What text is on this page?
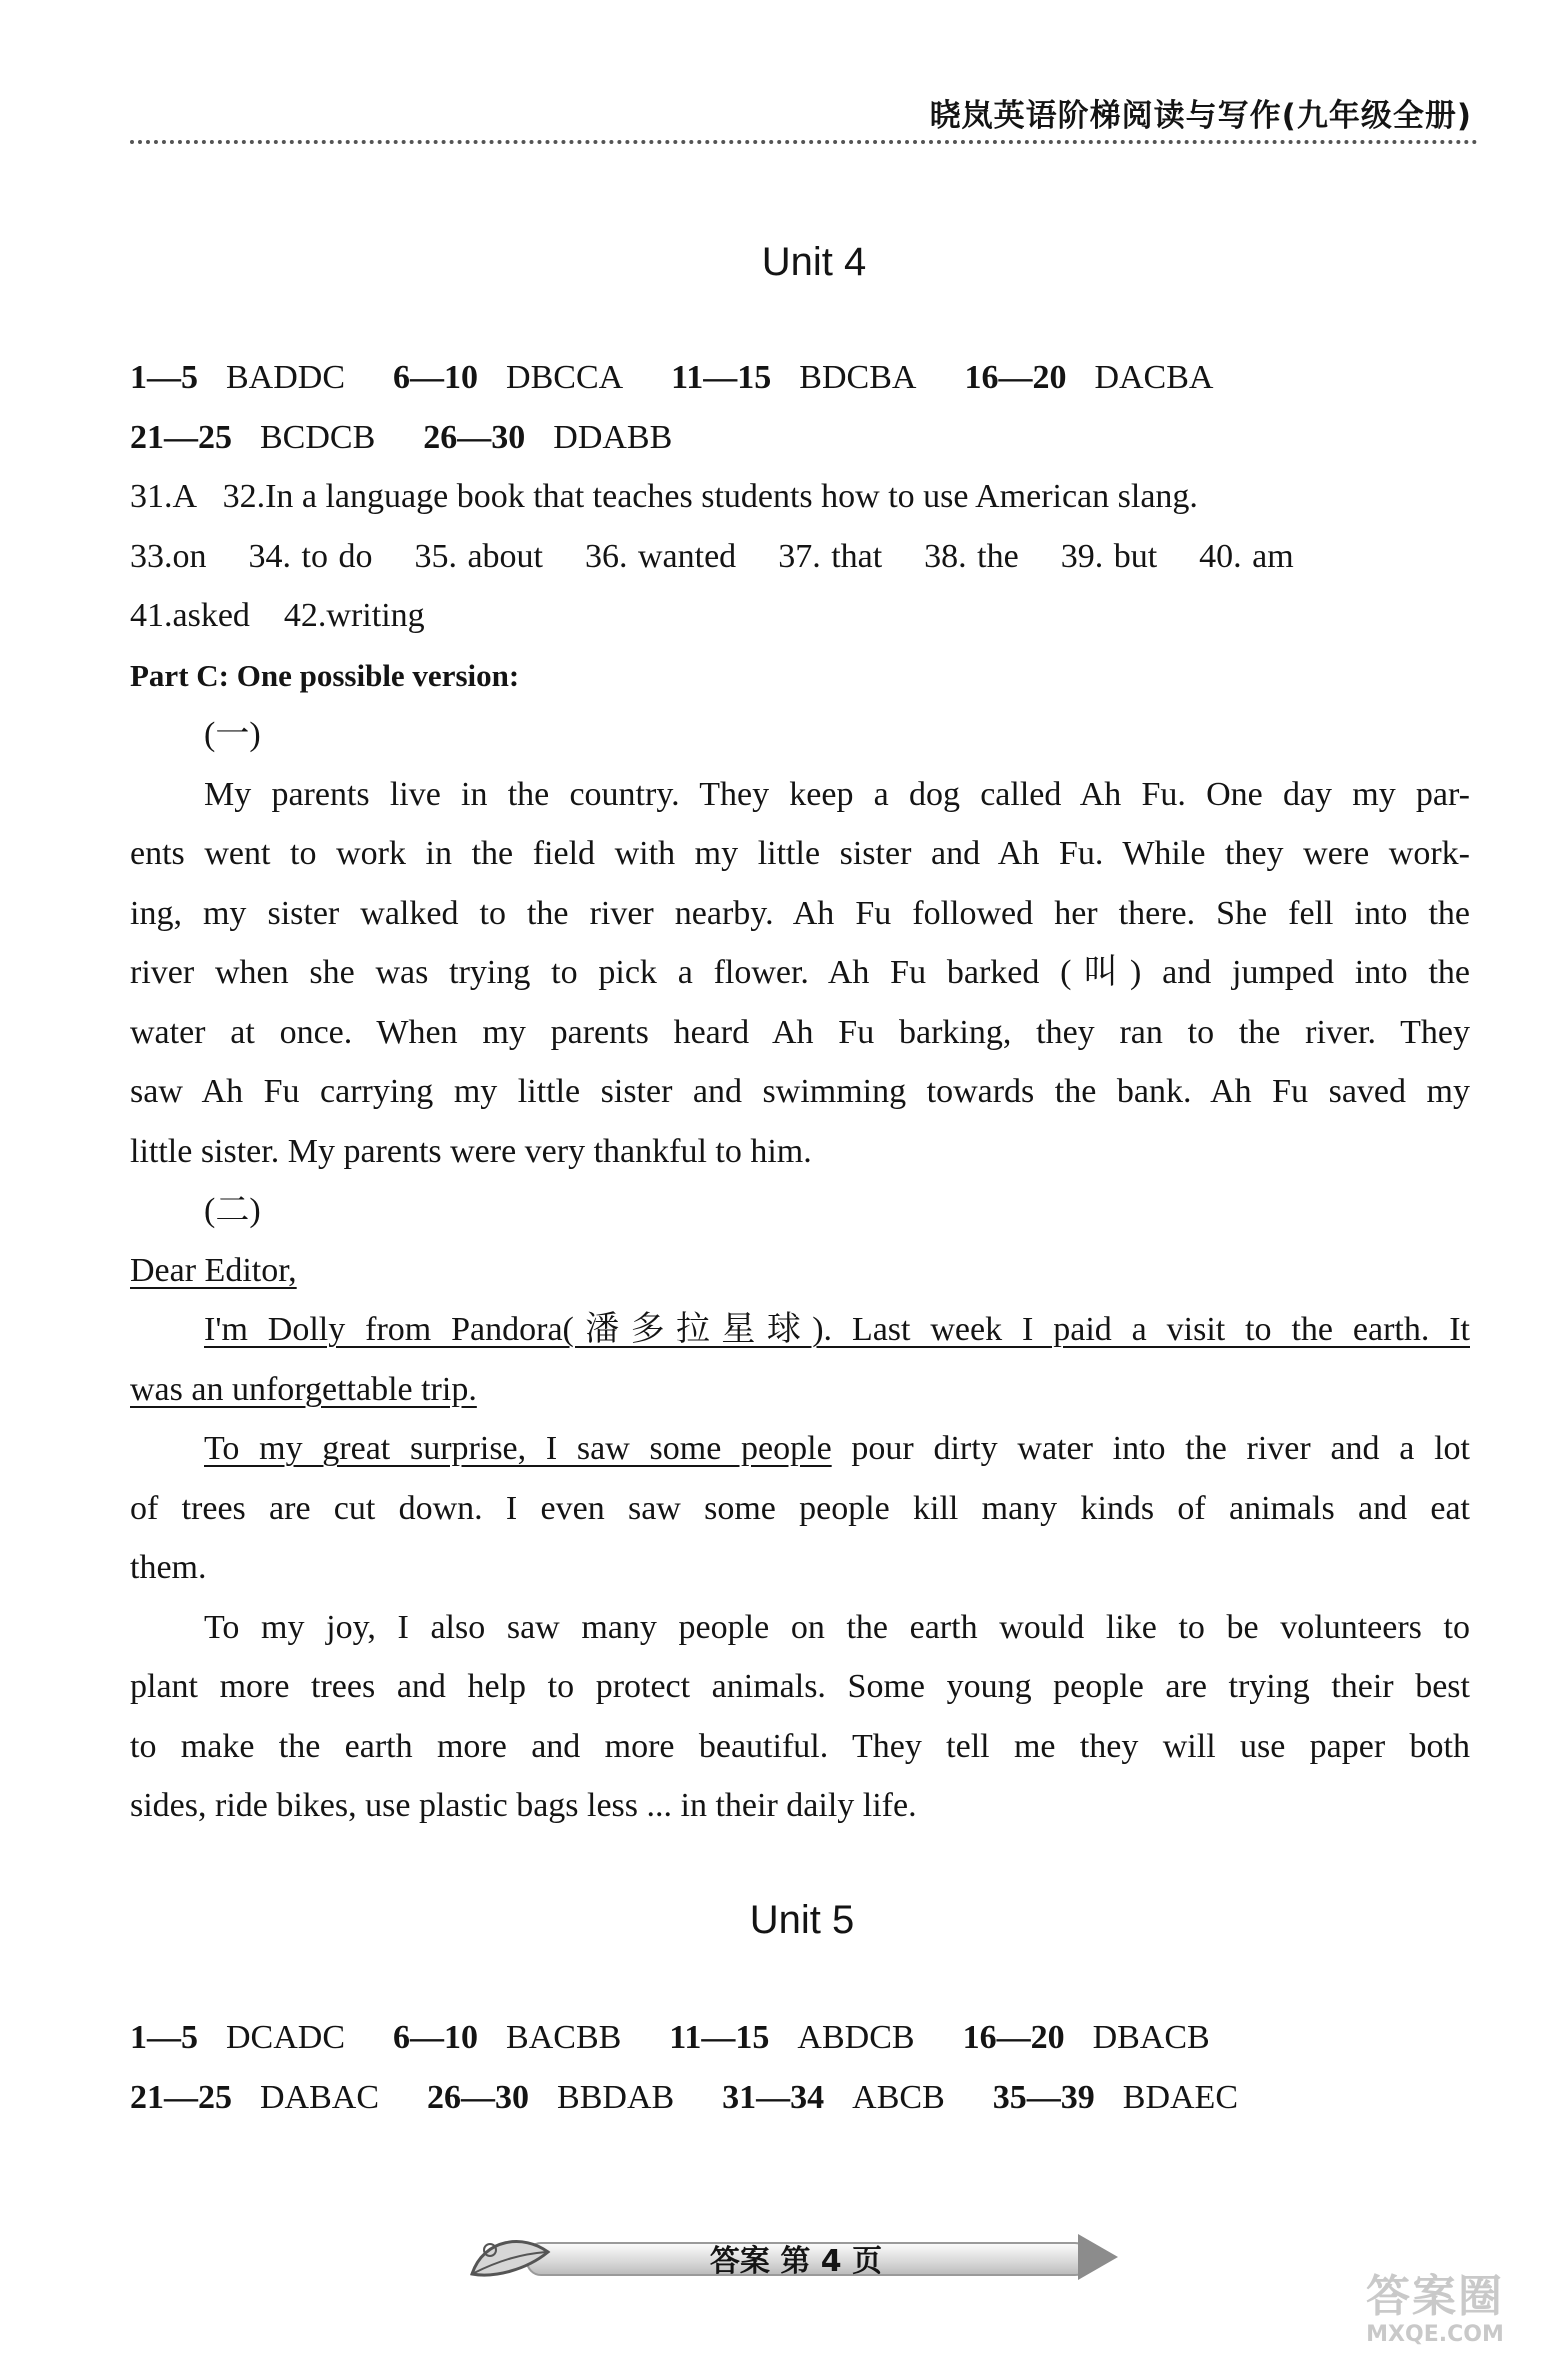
晓岚英语阶梯阅读与写作(九年级全册)
Unit 4

1—5 BADDC 6—10 DBCCA 11—15 BDCBA 16—20 DACBA

21—25 BCDCB 26—30 DDABB

31.A 32.In a language book that teaches students how to use American slang.

33.on 34. to do 35. about 36. wanted 37. that 38. the 39. but 40. am

41.asked 42.writing

Part C: One possible version:

(一)

My parents live in the country. They keep a dog called Ah Fu. One day my par-

ents went to work in the field with my little sister and Ah Fu. While they were work-

ing, my sister walked to the river nearby. Ah Fu followed her there. She fell into the

river when she was trying to pick a flower. Ah Fu barked (叫) and jumped into the

water at once. When my parents heard Ah Fu barking, they ran to the river. They

saw Ah Fu carrying my little sister and swimming towards the bank. Ah Fu saved my

little sister. My parents were very thankful to him.

(二)

Dear Editor,

I'm Dolly from Pandora(潘多拉星球). Last week I paid a visit to the earth. It

was an unforgettable trip.

To my great surprise, I saw some people pour dirty water into the river and a lot

of trees are cut down. I even saw some people kill many kinds of animals and eat

them.

To my joy, I also saw many people on the earth would like to be volunteers to

plant more trees and help to protect animals. Some young people are trying their best

to make the earth more and more beautiful. They tell me they will use paper both

sides, ride bikes, use plastic bags less ... in their daily life.

Unit 5

1—5 DCADC 6—10 BACBB 11—15 ABDCB 16—20 DBACB

21—25 DABAC 26—30 BBDAB 31—34 ABCB 35—39 BDAEC

答案 第 4 页
答案圈
MXQE.COM
